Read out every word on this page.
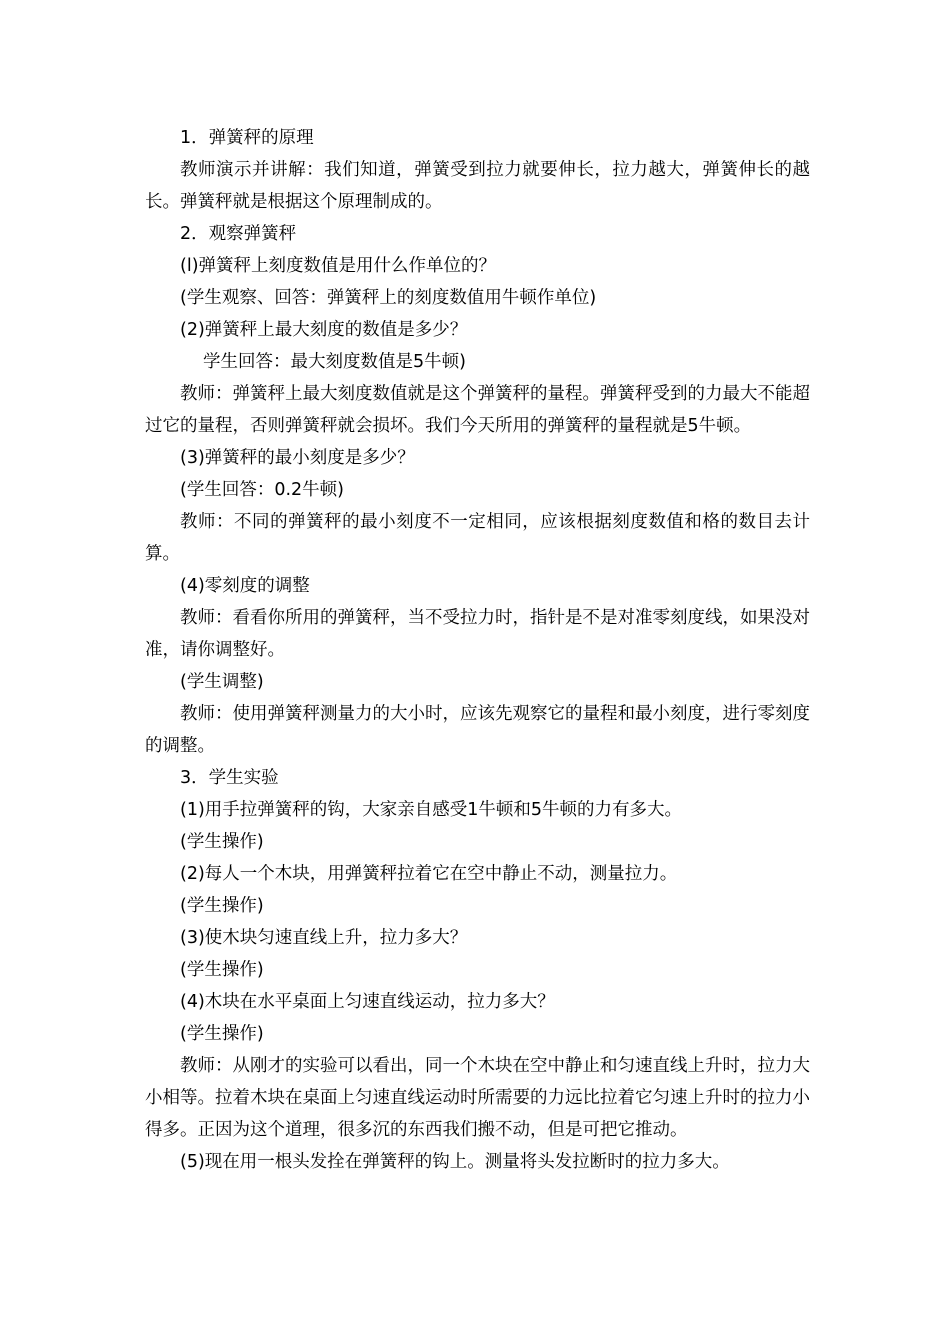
1．弹簧秤的原理

教师演示并讲解：我们知道，弹簧受到拉力就要伸长，拉力越大，弹簧伸长的越长。弹簧秤就是根据这个原理制成的。

2．观察弹簧秤

(l)弹簧秤上刻度数值是用什么作单位的？

(学生观察、回答：弹簧秤上的刻度数值用牛顿作单位)

(2)弹簧秤上最大刻度的数值是多少？

学生回答：最大刻度数值是5牛顿)

教师：弹簧秤上最大刻度数值就是这个弹簧秤的量程。弹簧秤受到的力最大不能超过它的量程，否则弹簧秤就会损坏。我们今天所用的弹簧秤的量程就是5牛顿。

(3)弹簧秤的最小刻度是多少？

(学生回答：0.2牛顿)

教师：不同的弹簧秤的最小刻度不一定相同，应该根据刻度数值和格的数目去计算。

(4)零刻度的调整

教师：看看你所用的弹簧秤，当不受拉力时，指针是不是对准零刻度线，如果没对准，请你调整好。

(学生调整)

教师：使用弹簧秤测量力的大小时，应该先观察它的量程和最小刻度，进行零刻度的调整。

3．学生实验

(1)用手拉弹簧秤的钩，大家亲自感受1牛顿和5牛顿的力有多大。

(学生操作)

(2)每人一个木块，用弹簧秤拉着它在空中静止不动，测量拉力。

(学生操作)

(3)使木块匀速直线上升，拉力多大？

(学生操作)

(4)木块在水平桌面上匀速直线运动，拉力多大？

(学生操作)

教师：从刚才的实验可以看出，同一个木块在空中静止和匀速直线上升时，拉力大小相等。拉着木块在桌面上匀速直线运动时所需要的力远比拉着它匀速上升时的拉力小得多。正因为这个道理，很多沉的东西我们搬不动，但是可把它推动。

(5)现在用一根头发拴在弹簧秤的钩上。测量将头发拉断时的拉力多大。
